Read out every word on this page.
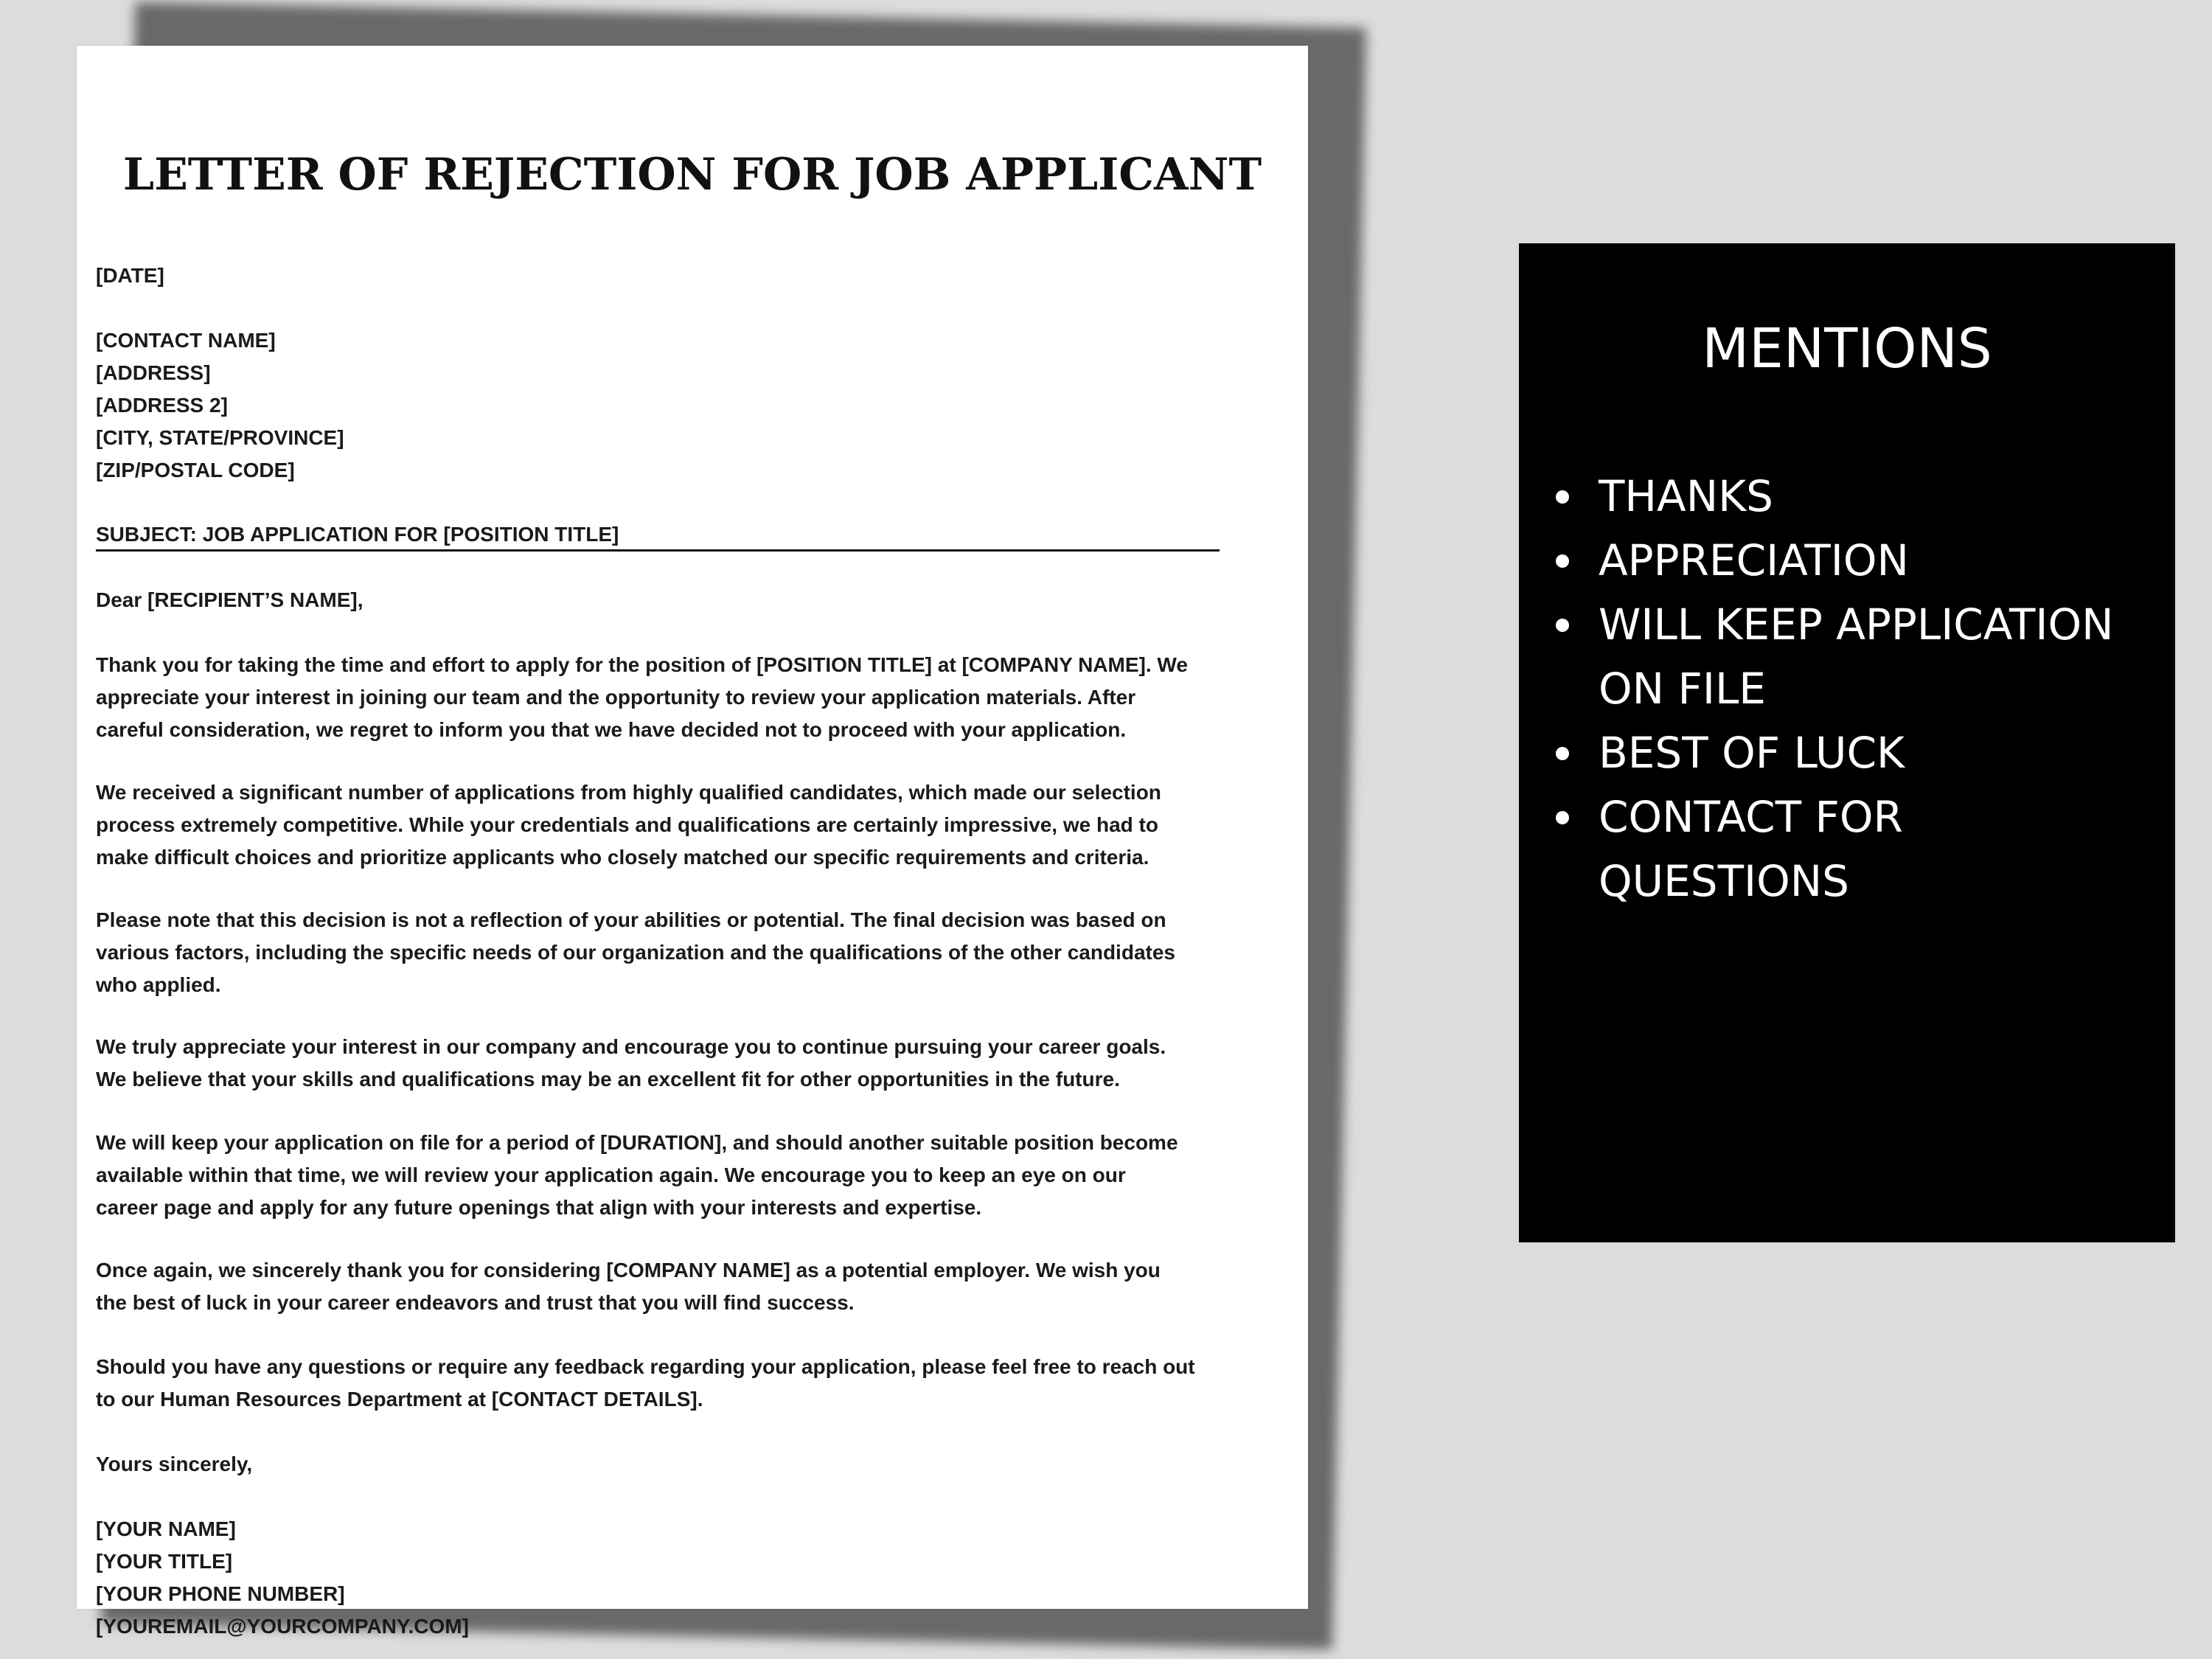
LETTER OF REJECTION FOR JOB APPLICANT

[DATE]

[CONTACT NAME]

[ADDRESS]

[ADDRESS 2]

[CITY, STATE/PROVINCE]

[ZIP/POSTAL CODE]

SUBJECT: JOB APPLICATION FOR [POSITION TITLE]

Dear [RECIPIENT’S NAME],

Thank you for taking the time and effort to apply for the position of [POSITION TITLE] at [COMPANY NAME]. We
appreciate your interest in joining our team and the opportunity to review your application materials. After
careful consideration, we regret to inform you that we have decided not to proceed with your application.
We received a significant number of applications from highly qualified candidates, which made our selection
process extremely competitive. While your credentials and qualifications are certainly impressive, we had to
make difficult choices and prioritize applicants who closely matched our specific requirements and criteria.
Please note that this decision is not a reflection of your abilities or potential. The final decision was based on
various factors, including the specific needs of our organization and the qualifications of the other candidates
who applied.
We truly appreciate your interest in our company and encourage you to continue pursuing your career goals.
We believe that your skills and qualifications may be an excellent fit for other opportunities in the future.
We will keep your application on file for a period of [DURATION], and should another suitable position become
available within that time, we will review your application again. We encourage you to keep an eye on our
career page and apply for any future openings that align with your interests and expertise.
Once again, we sincerely thank you for considering [COMPANY NAME] as a potential employer. We wish you
the best of luck in your career endeavors and trust that you will find success.
Should you have any questions or require any feedback regarding your application, please feel free to reach out
to our Human Resources Department at [CONTACT DETAILS].

Yours sincerely,

[YOUR NAME]

[YOUR TITLE]

[YOUR PHONE NUMBER]

[YOUREMAIL@YOURCOMPANY.COM]

MENTIONS
THANKS
APPRECIATION
WILL KEEP APPLICATION
ON FILE
BEST OF LUCK
CONTACT FOR
QUESTIONS
